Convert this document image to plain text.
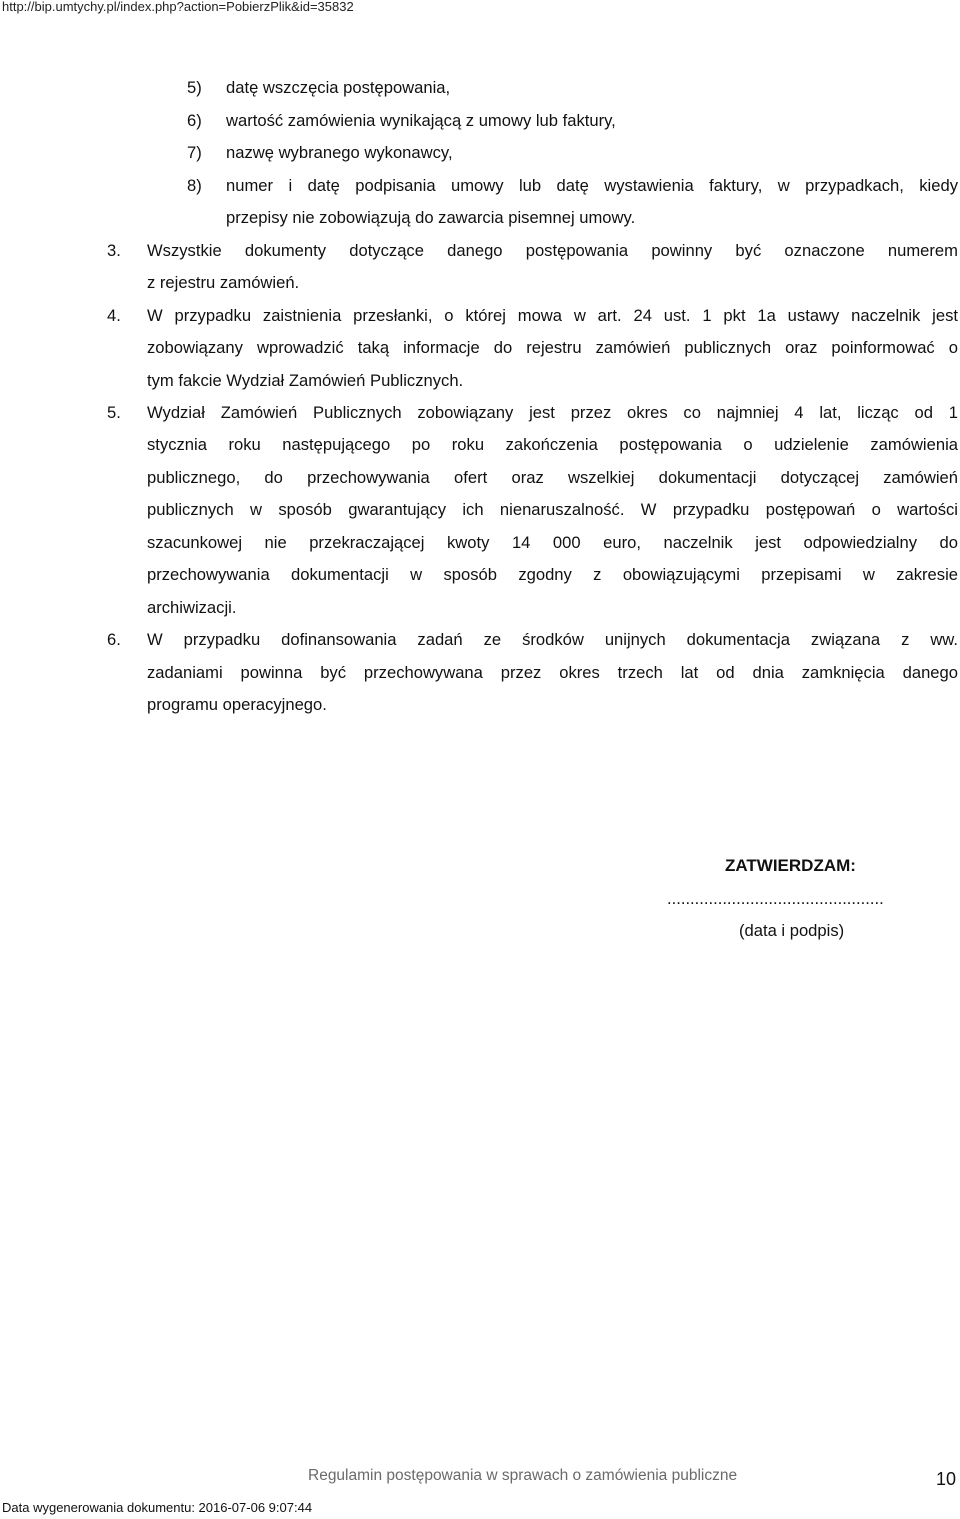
http://bip.umtychy.pl/index.php?action=PobierzPlik&id=35832
5) datę wszczęcia postępowania,
6) wartość zamówienia wynikającą z umowy lub faktury,
7) nazwę wybranego wykonawcy,
8) numer i datę podpisania umowy lub datę wystawienia faktury, w przypadkach, kiedy
przepisy nie zobowiązują do zawarcia pisemnej umowy.
3. Wszystkie dokumenty dotyczące danego postępowania powinny być oznaczone numerem
z rejestru zamówień.
4. W przypadku zaistnienia przesłanki, o której mowa w art. 24 ust. 1 pkt 1a ustawy naczelnik jest
zobowiązany wprowadzić taką informacje do rejestru zamówień publicznych oraz poinformować o
tym fakcie Wydział Zamówień Publicznych.
5. Wydział Zamówień Publicznych zobowiązany jest przez okres co najmniej 4 lat, licząc od 1
stycznia roku następującego po roku zakończenia postępowania o udzielenie zamówienia
publicznego, do przechowywania ofert oraz wszelkiej dokumentacji dotyczącej zamówień
publicznych w sposób gwarantujący ich nienaruszalność. W przypadku postępowań o wartości
szacunkowej nie przekraczającej kwoty 14 000 euro, naczelnik jest odpowiedzialny do
przechowywania dokumentacji w sposób zgodny z obowiązującymi przepisami w zakresie
archiwizacji.
6. W przypadku dofinansowania zadań ze środków unijnych dokumentacja związana z ww.
zadaniami powinna być przechowywana przez okres trzech lat od dnia zamknięcia danego
programu operacyjnego.
ZATWIERDZAM:
...............................................
(data i podpis)
Regulamin postępowania w sprawach o zamówienia publiczne	10
Data wygenerowania dokumentu: 2016-07-06 9:07:44
